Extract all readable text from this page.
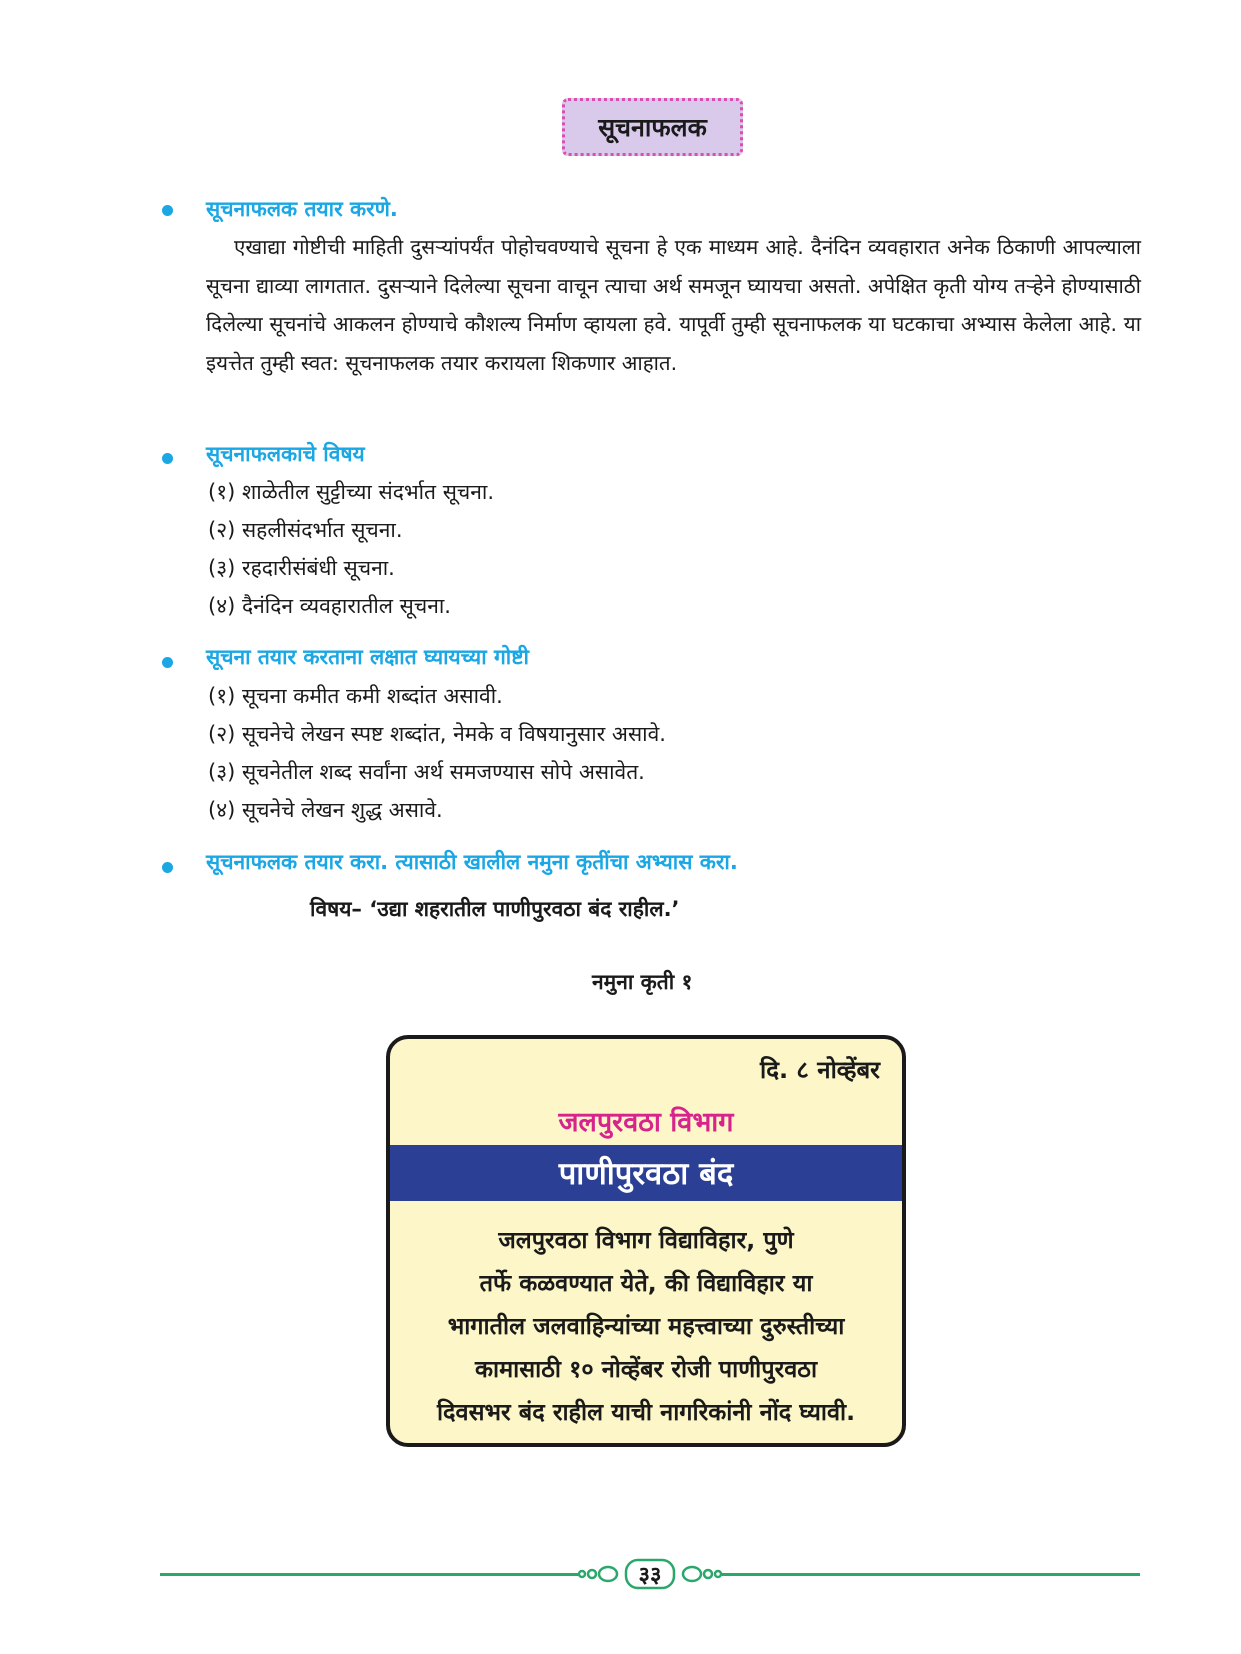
सूचनाफलक
सूचनाफलक तयार करणे.
एखाद्या गोष्टीची माहिती दुसऱ्यांपर्यंत पोहोचवण्याचे सूचना हे एक माध्यम आहे. दैनंदिन व्यवहारात अनेक ठिकाणी आपल्याला सूचना द्याव्या लागतात. दुसऱ्याने दिलेल्या सूचना वाचून त्याचा अर्थ समजून घ्यायचा असतो. अपेक्षित कृती योग्य तऱ्हेने होण्यासाठी दिलेल्या सूचनांचे आकलन होण्याचे कौशल्य निर्माण व्हायला हवे. यापूर्वी तुम्ही सूचनाफलक या घटकाचा अभ्यास केलेला आहे. या इयत्तेत तुम्ही स्वत: सूचनाफलक तयार करायला शिकणार आहात.
सूचनाफलकाचे विषय
(१) शाळेतील सुट्टीच्या संदर्भात सूचना.
(२) सहलीसंदर्भात सूचना.
(३) रहदारीसंबंधी सूचना.
(४) दैनंदिन व्यवहारातील सूचना.
सूचना तयार करताना लक्षात घ्यायच्या गोष्टी
(१) सूचना कमीत कमी शब्दांत असावी.
(२) सूचनेचे लेखन स्पष्ट शब्दांत, नेमके व विषयानुसार असावे.
(३) सूचनेतील शब्द सर्वांना अर्थ समजण्यास सोपे असावेत.
(४) सूचनेचे लेखन शुद्ध असावे.
सूचनाफलक तयार करा. त्यासाठी खालील नमुना कृतींचा अभ्यास करा.
विषय– ‘उद्या शहरातील पाणीपुरवठा बंद राहील.’
नमुना कृती १
दि. ८ नोव्हेंबर
जलपुरवठा विभाग
पाणीपुरवठा बंद
जलपुरवठा विभाग विद्याविहार, पुणे
तर्फे कळवण्यात येते, की विद्याविहार या
भागातील जलवाहिन्यांच्या महत्त्वाच्या दुरुस्तीच्या
कामासाठी १० नोव्हेंबर रोजी पाणीपुरवठा
दिवसभर बंद राहील याची नागरिकांनी नोंद घ्यावी.
३३
